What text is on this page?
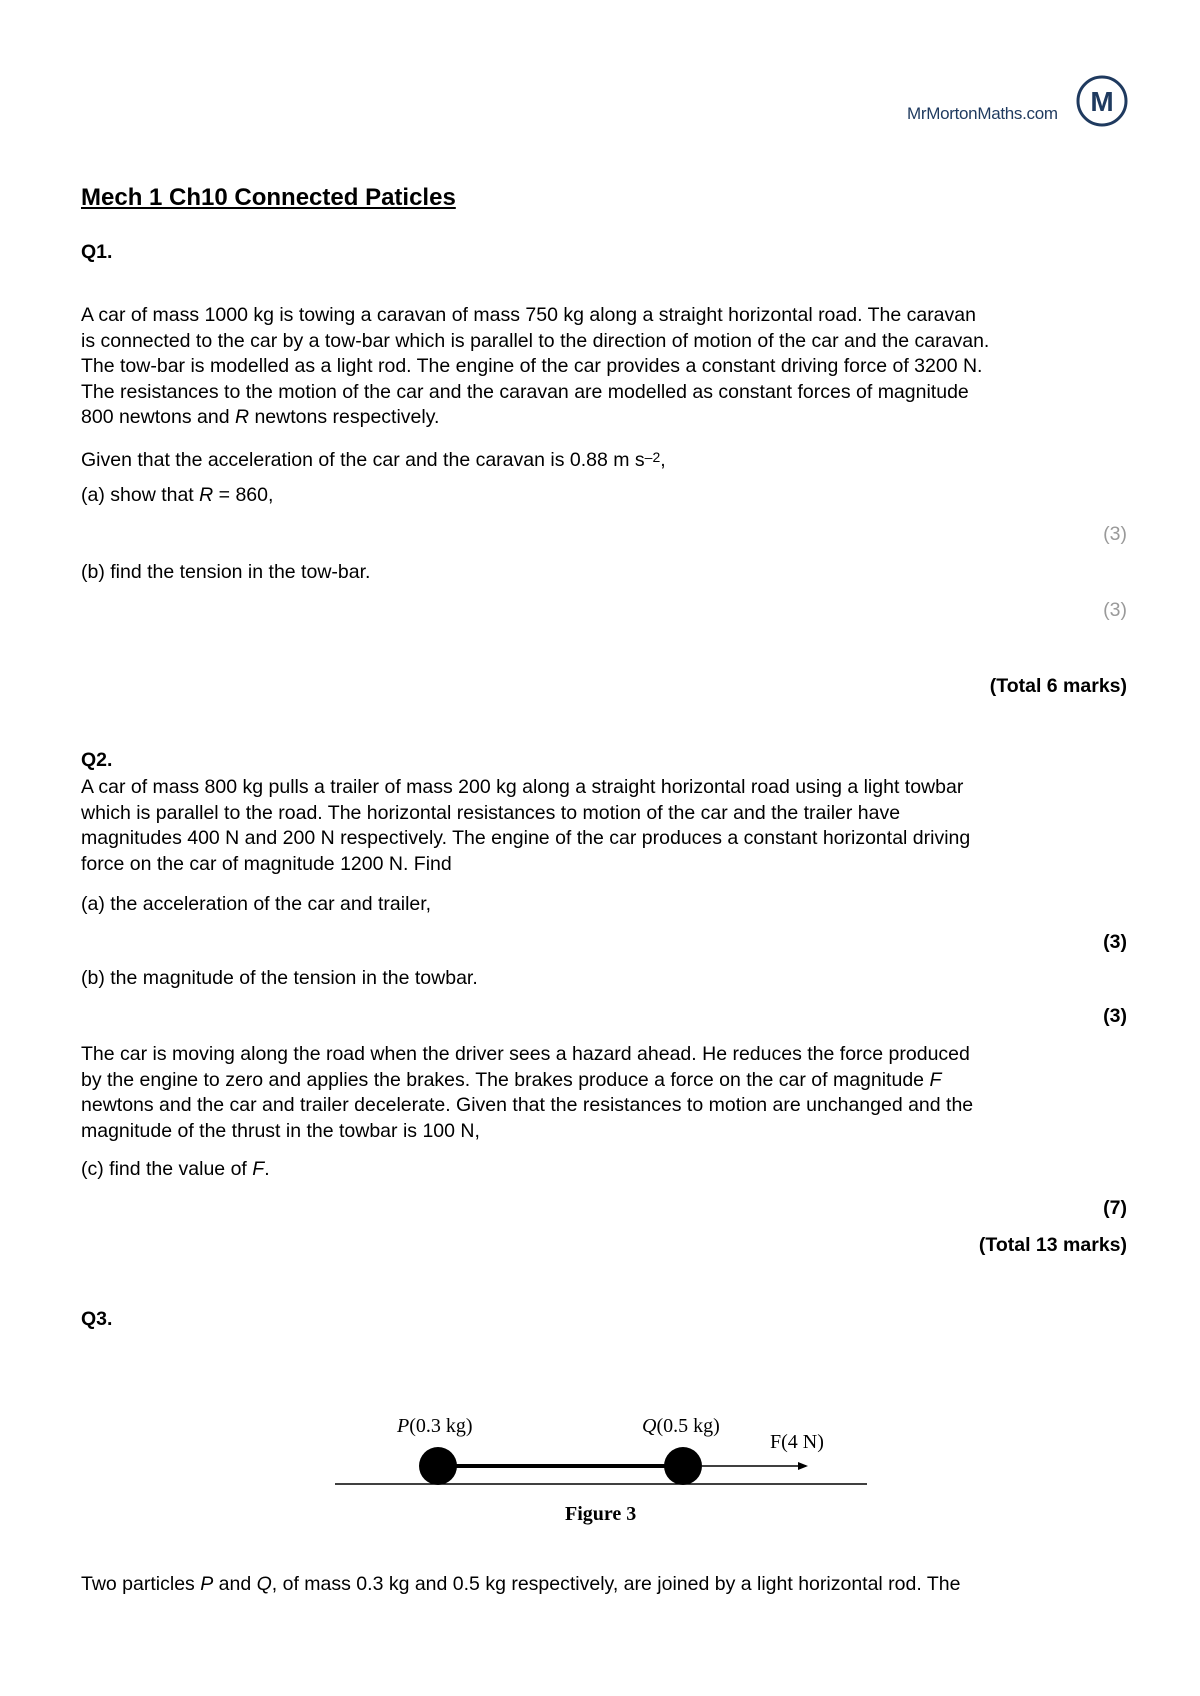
MrMortonMaths.com M
Mech 1 Ch10 Connected Paticles
Q1.
A car of mass 1000 kg is towing a caravan of mass 750 kg along a straight horizontal road. The caravan
is connected to the car by a tow-bar which is parallel to the direction of motion of the car and the caravan.
The tow-bar is modelled as a light rod. The engine of the car provides a constant driving force of 3200 N.
The resistances to the motion of the car and the caravan are modelled as constant forces of magnitude
800 newtons and R newtons respectively.
Given that the acceleration of the car and the caravan is 0.88 m $s^{-2}$,
(a) show that R = 860,
(3)
(b) find the tension in the tow-bar.
(3)
(Total 6 marks)
Q2.
A car of mass 800 kg pulls a trailer of mass 200 kg along a straight horizontal road using a light towbar
which is parallel to the road. The horizontal resistances to motion of the car and the trailer have
magnitudes 400 N and 200 N respectively. The engine of the car produces a constant horizontal driving
force on the car of magnitude 1200 N. Find
(a) the acceleration of the car and trailer,
(3)
(b) the magnitude of the tension in the towbar.
(3)
The car is moving along the road when the driver sees a hazard ahead. He reduces the force produced
by the engine to zero and applies the brakes. The brakes produce a force on the car of magnitude F
newtons and the car and trailer decelerate. Given that the resistances to motion are unchanged and the
magnitude of the thrust in the towbar is 100 N,
(c) find the value of F.
(7)
(Total 13 marks)
Q3.
P(0.3 kg)	Q(0.5 kg)
F(4 N)
Figure 3
Two particles P and Q, of mass 0.3 kg and 0.5 kg respectively, are joined by a light horizontal rod. The
